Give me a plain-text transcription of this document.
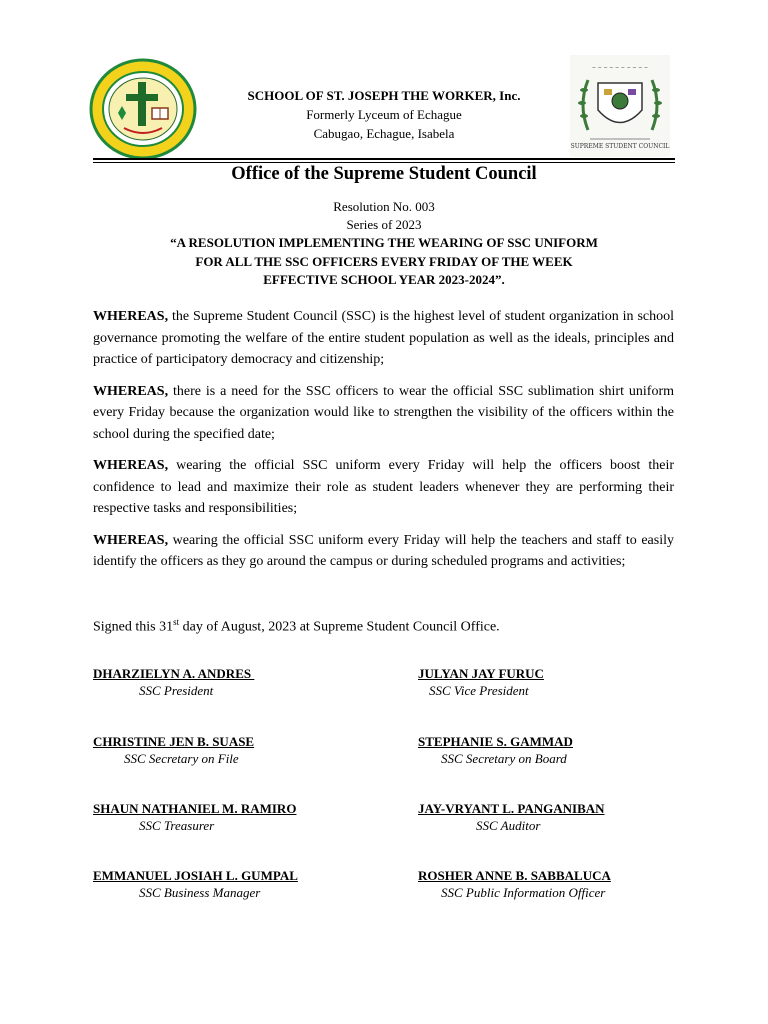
~ ~ ~ ~ ~ ~ ~ ~ ~ ~
SUPREME STUDENT COUNCIL
SCHOOL OF ST. JOSEPH THE WORKER, Inc.
Formerly Lyceum of Echague
Cabugao, Echague, Isabela
Office of the Supreme Student Council
Resolution No. 003
Series of 2023
“A RESOLUTION IMPLEMENTING THE WEARING OF SSC UNIFORM
FOR ALL THE SSC OFFICERS EVERY FRIDAY OF THE WEEK
EFFECTIVE SCHOOL YEAR 2023-2024”.

WHEREAS, the Supreme Student Council (SSC) is the highest level of student organization in school governance promoting the welfare of the entire student population as well as the ideals, principles and practice of participatory democracy and citizenship;

WHEREAS, there is a need for the SSC officers to wear the official SSC sublimation shirt uniform every Friday because the organization would like to strengthen the visibility of the officers within the school during the specified date;

WHEREAS, wearing the official SSC uniform every Friday will help the officers boost their confidence to lead and maximize their role as student leaders whenever they are performing their respective tasks and responsibilities;

WHEREAS, wearing the official SSC uniform every Friday will help the teachers and staff to easily identify the officers as they go around the campus or during scheduled programs and activities;

Signed this 31st day of August, 2023 at Supreme Student Council Office.
DHARZIELYN A. ANDRES
SSC President
JULYAN JAY FURUC
SSC Vice President
CHRISTINE JEN B. SUASE
SSC Secretary on File
STEPHANIE S. GAMMAD
SSC Secretary on Board
SHAUN NATHANIEL M. RAMIRO
SSC Treasurer
JAY-VRYANT L. PANGANIBAN
SSC Auditor
EMMANUEL JOSIAH L. GUMPAL
SSC Business Manager
ROSHER ANNE B. SABBALUCA
SSC Public Information Officer
